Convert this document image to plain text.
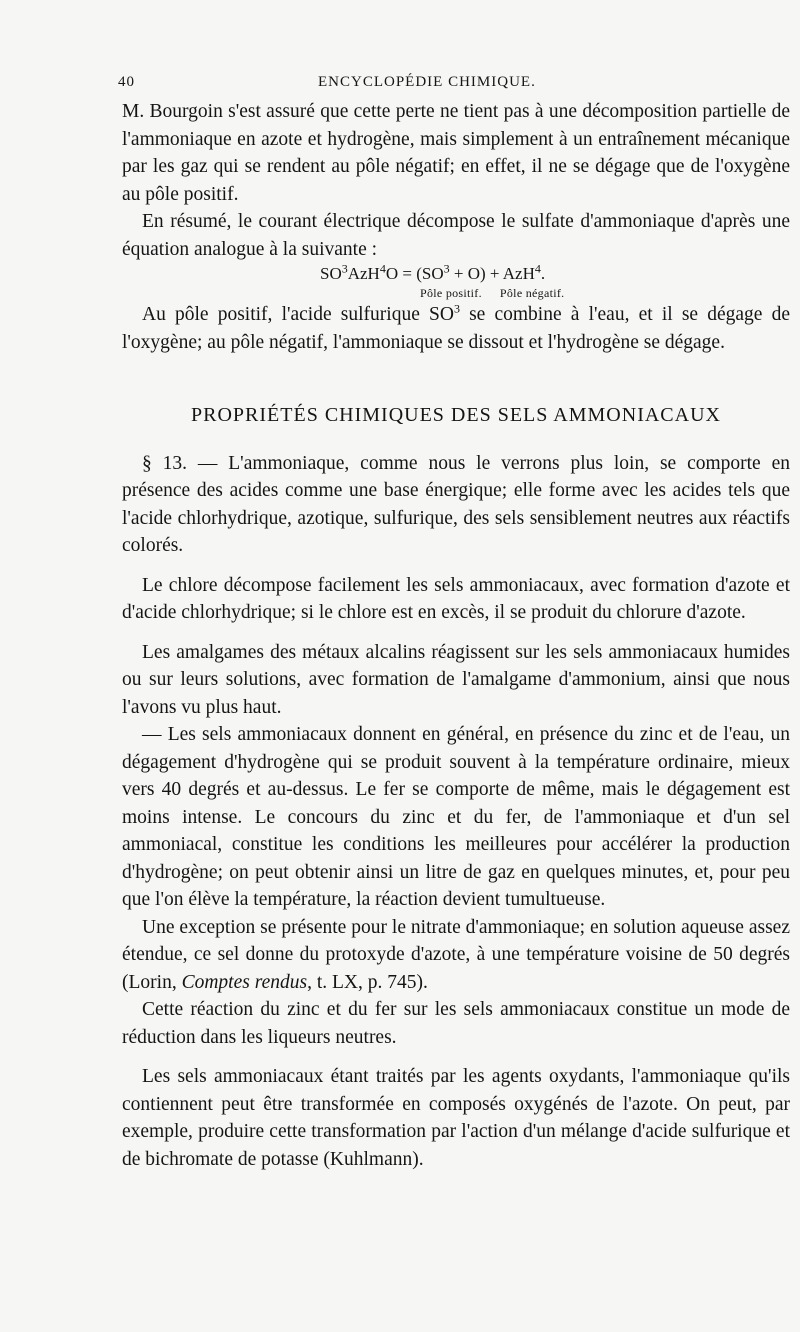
40	ENCYCLOPÉDIE CHIMIQUE.

M. Bourgoin s'est assuré que cette perte ne tient pas à une décomposition partielle de l'ammoniaque en azote et hydrogène, mais simplement à un entraînement mécanique par les gaz qui se rendent au pôle négatif; en effet, il ne se dégage que de l'oxygène au pôle positif.

En résumé, le courant électrique décompose le sulfate d'ammoniaque d'après une équation analogue à la suivante :

$SO^3AzH^4O = (SO^3 + O) + AzH^4$.

Pôle positif. Pôle négatif.

Au pôle positif, l'acide sulfurique $SO^3$ se combine à l'eau, et il se dégage de l'oxygène; au pôle négatif, l'ammoniaque se dissout et l'hydrogène se dégage.

PROPRIÉTÉS CHIMIQUES DES SELS AMMONIACAUX

§ 13. — L'ammoniaque, comme nous le verrons plus loin, se comporte en présence des acides comme une base énergique; elle forme avec les acides tels que l'acide chlorhydrique, azotique, sulfurique, des sels sensiblement neutres aux réactifs colorés.

Le chlore décompose facilement les sels ammoniacaux, avec formation d'azote et d'acide chlorhydrique; si le chlore est en excès, il se produit du chlorure d'azote.

Les amalgames des métaux alcalins réagissent sur les sels ammoniacaux humides ou sur leurs solutions, avec formation de l'amalgame d'ammonium, ainsi que nous l'avons vu plus haut.

— Les sels ammoniacaux donnent en général, en présence du zinc et de l'eau, un dégagement d'hydrogène qui se produit souvent à la température ordinaire, mieux vers 40 degrés et au-dessus. Le fer se comporte de même, mais le dégagement est moins intense. Le concours du zinc et du fer, de l'ammoniaque et d'un sel ammoniacal, constitue les conditions les meilleures pour accélérer la production d'hydrogène; on peut obtenir ainsi un litre de gaz en quelques minutes, et, pour peu que l'on élève la température, la réaction devient tumultueuse.

Une exception se présente pour le nitrate d'ammoniaque; en solution aqueuse assez étendue, ce sel donne du protoxyde d'azote, à une température voisine de 50 degrés (Lorin, Comptes rendus, t. LX, p. 745).

Cette réaction du zinc et du fer sur les sels ammoniacaux constitue un mode de réduction dans les liqueurs neutres.

Les sels ammoniacaux étant traités par les agents oxydants, l'ammoniaque qu'ils contiennent peut être transformée en composés oxygénés de l'azote. On peut, par exemple, produire cette transformation par l'action d'un mélange d'acide sulfurique et de bichromate de potasse (Kuhlmann).
